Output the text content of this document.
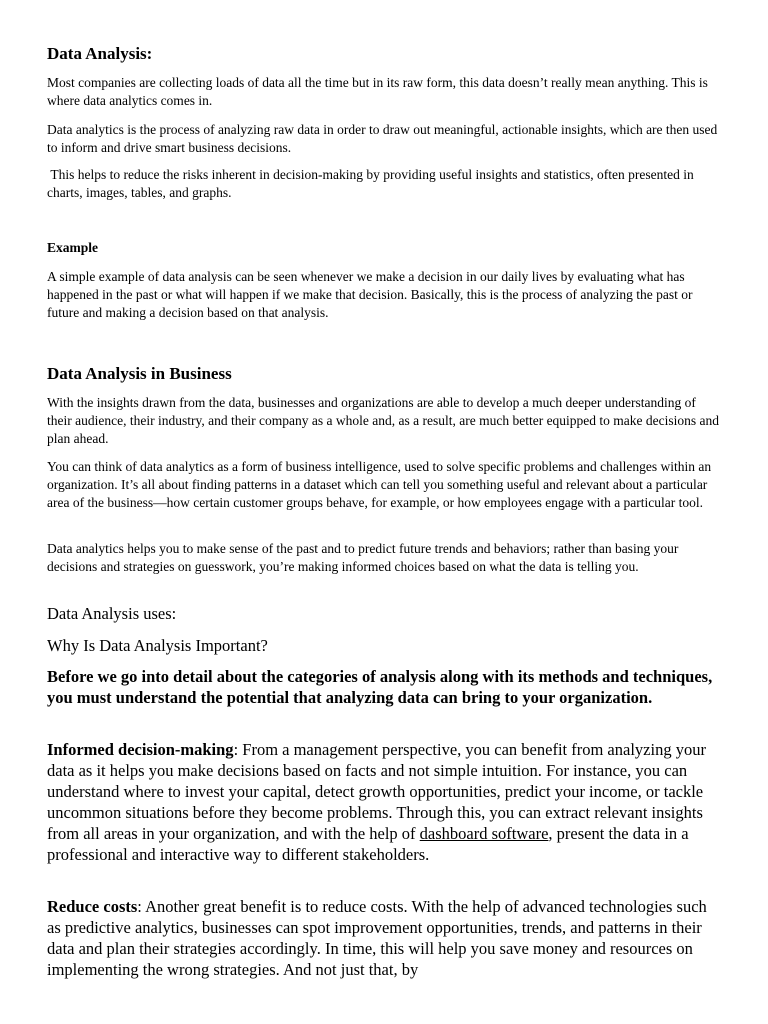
Data Analysis:

Most companies are collecting loads of data all the time but in its raw form, this data doesn’t really mean anything. This is where data analytics comes in.

Data analytics is the process of analyzing raw data in order to draw out meaningful, actionable insights, which are then used to inform and drive smart business decisions.

This helps to reduce the risks inherent in decision-making by providing useful insights and statistics, often presented in charts, images, tables, and graphs.

Example

A simple example of data analysis can be seen whenever we make a decision in our daily lives by evaluating what has happened in the past or what will happen if we make that decision. Basically, this is the process of analyzing the past or future and making a decision based on that analysis.

Data Analysis in Business

With the insights drawn from the data, businesses and organizations are able to develop a much deeper understanding of their audience, their industry, and their company as a whole and, as a result, are much better equipped to make decisions and plan ahead.

You can think of data analytics as a form of business intelligence, used to solve specific problems and challenges within an organization. It’s all about finding patterns in a dataset which can tell you something useful and relevant about a particular area of the business—how certain customer groups behave, for example, or how employees engage with a particular tool.

Data analytics helps you to make sense of the past and to predict future trends and behaviors; rather than basing your decisions and strategies on guesswork, you’re making informed choices based on what the data is telling you.

Data Analysis uses:
Why Is Data Analysis Important?

Before we go into detail about the categories of analysis along with its methods and techniques, you must understand the potential that analyzing data can bring to your organization.

Informed decision-making: From a management perspective, you can benefit from analyzing your data as it helps you make decisions based on facts and not simple intuition. For instance, you can understand where to invest your capital, detect growth opportunities, predict your income, or tackle uncommon situations before they become problems. Through this, you can extract relevant insights from all areas in your organization, and with the help of dashboard software, present the data in a professional and interactive way to different stakeholders.

Reduce costs: Another great benefit is to reduce costs. With the help of advanced technologies such as predictive analytics, businesses can spot improvement opportunities, trends, and patterns in their data and plan their strategies accordingly. In time, this will help you save money and resources on implementing the wrong strategies. And not just that, by
